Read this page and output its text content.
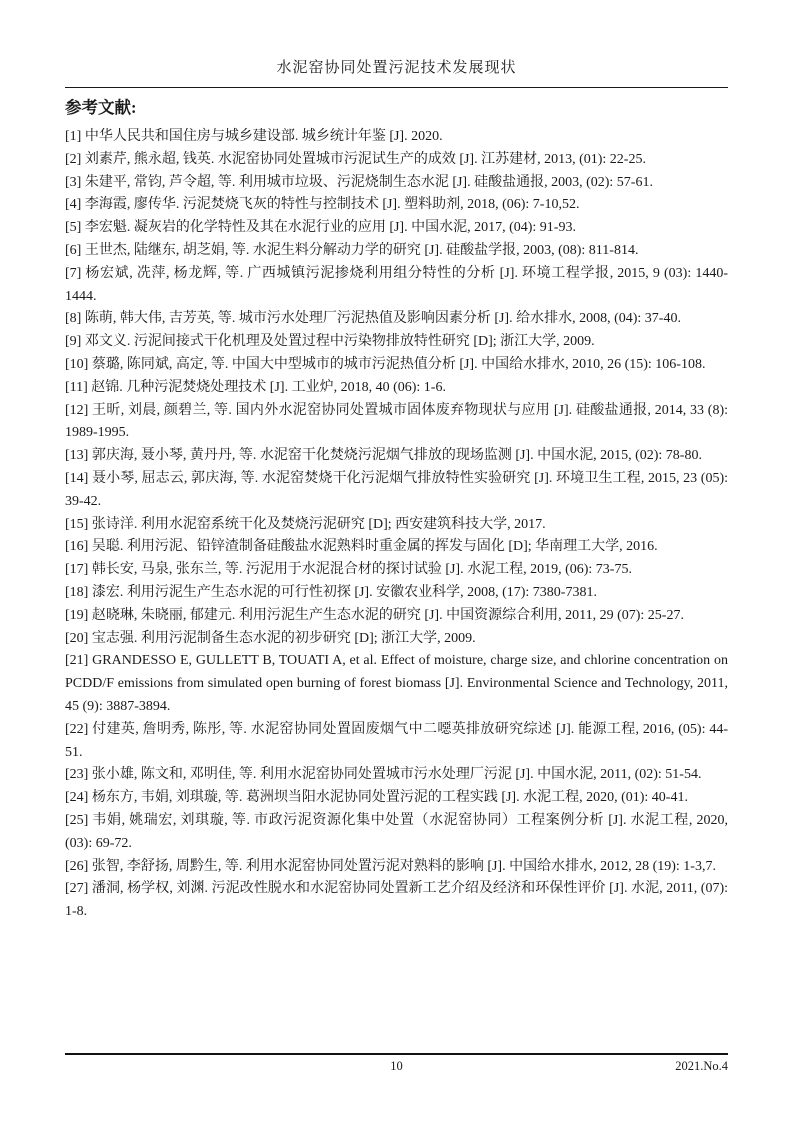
水泥窑协同处置污泥技术发展现状
参考文献:

[1] 中华人民共和国住房与城乡建设部. 城乡统计年鉴 [J]. 2020.

[2] 刘素芹, 熊永超, 钱英. 水泥窑协同处置城市污泥试生产的成效 [J]. 江苏建材, 2013, (01): 22-25.

[3] 朱建平, 常钧, 芦令超, 等. 利用城市垃圾、污泥烧制生态水泥 [J]. 硅酸盐通报, 2003, (02): 57-61.

[4] 李海霞, 廖传华. 污泥焚烧飞灰的特性与控制技术 [J]. 塑料助剂, 2018, (06): 7-10,52.

[5] 李宏魁. 凝灰岩的化学特性及其在水泥行业的应用 [J]. 中国水泥, 2017, (04): 91-93.

[6] 王世杰, 陆继东, 胡芝娟, 等. 水泥生料分解动力学的研究 [J]. 硅酸盐学报, 2003, (08): 811-814.

[7] 杨宏斌, 冼萍, 杨龙辉, 等. 广西城镇污泥掺烧利用组分特性的分析 [J]. 环境工程学报, 2015, 9 (03): 1440-1444.

[8] 陈萌, 韩大伟, 吉芳英, 等. 城市污水处理厂污泥热值及影响因素分析 [J]. 给水排水, 2008, (04): 37-40.

[9] 邓文义. 污泥间接式干化机理及处置过程中污染物排放特性研究 [D]; 浙江大学, 2009.

[10] 蔡璐, 陈同斌, 高定, 等. 中国大中型城市的城市污泥热值分析 [J]. 中国给水排水, 2010, 26 (15): 106-108.

[11] 赵锦. 几种污泥焚烧处理技术 [J]. 工业炉, 2018, 40 (06): 1-6.

[12] 王昕, 刘晨, 颜碧兰, 等. 国内外水泥窑协同处置城市固体废弃物现状与应用 [J]. 硅酸盐通报, 2014, 33 (8): 1989-1995.

[13] 郭庆海, 聂小琴, 黄丹丹, 等. 水泥窑干化焚烧污泥烟气排放的现场监测 [J]. 中国水泥, 2015, (02): 78-80.

[14] 聂小琴, 屈志云, 郭庆海, 等. 水泥窑焚烧干化污泥烟气排放特性实验研究 [J]. 环境卫生工程, 2015, 23 (05): 39-42.

[15] 张诗洋. 利用水泥窑系统干化及焚烧污泥研究 [D]; 西安建筑科技大学, 2017.

[16] 吴聪. 利用污泥、铅锌渣制备硅酸盐水泥熟料时重金属的挥发与固化 [D]; 华南理工大学, 2016.

[17] 韩长安, 马泉, 张东兰, 等. 污泥用于水泥混合材的探讨试验 [J]. 水泥工程, 2019, (06): 73-75.

[18] 漆宏. 利用污泥生产生态水泥的可行性初探 [J]. 安徽农业科学, 2008, (17): 7380-7381.

[19] 赵晓琳, 朱晓丽, 郁建元. 利用污泥生产生态水泥的研究 [J]. 中国资源综合利用, 2011, 29 (07): 25-27.

[20] 宝志强. 利用污泥制备生态水泥的初步研究 [D]; 浙江大学, 2009.

[21] GRANDESSO E, GULLETT B, TOUATI A, et al. Effect of moisture, charge size, and chlorine concentration on PCDD/F emissions from simulated open burning of forest biomass [J]. Environmental Science and Technology, 2011, 45 (9): 3887-3894.

[22] 付建英, 詹明秀, 陈彤, 等. 水泥窑协同处置固废烟气中二噁英排放研究综述 [J]. 能源工程, 2016, (05): 44-51.

[23] 张小雄, 陈文和, 邓明佳, 等. 利用水泥窑协同处置城市污水处理厂污泥 [J]. 中国水泥, 2011, (02): 51-54.

[24] 杨东方, 韦娟, 刘琪璇, 等. 葛洲坝当阳水泥协同处置污泥的工程实践 [J]. 水泥工程, 2020, (01): 40-41.

[25] 韦娟, 姚瑞宏, 刘琪璇, 等. 市政污泥资源化集中处置（水泥窑协同）工程案例分析 [J]. 水泥工程, 2020, (03): 69-72.

[26] 张智, 李舒扬, 周黔生, 等. 利用水泥窑协同处置污泥对熟料的影响 [J]. 中国给水排水, 2012, 28 (19): 1-3,7.

[27] 潘洞, 杨学权, 刘渊. 污泥改性脱水和水泥窑协同处置新工艺介绍及经济和环保性评价 [J]. 水泥, 2011, (07): 1-8.

10	2021.No.4
